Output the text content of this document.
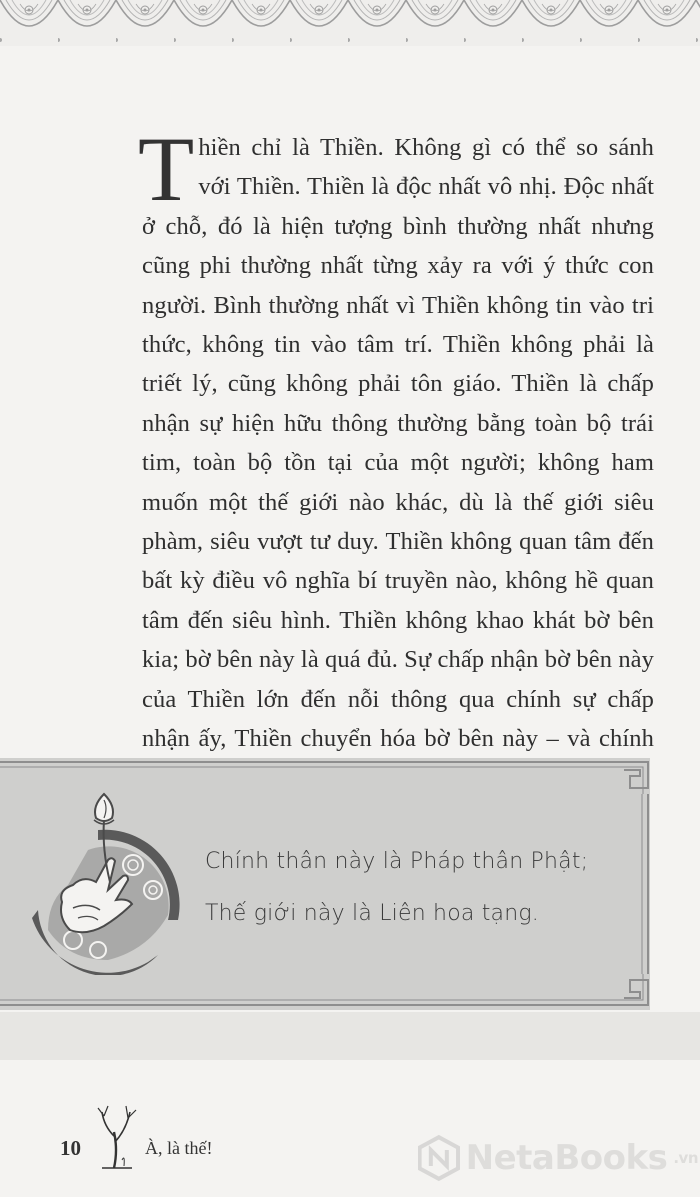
Thiền chỉ là Thiền. Không gì có thể so sánh với Thiền. Thiền là độc nhất vô nhị. Độc nhất ở chỗ, đó là hiện tượng bình thường nhất nhưng cũng phi thường nhất từng xảy ra với ý thức con người. Bình thường nhất vì Thiền không tin vào tri thức, không tin vào tâm trí. Thiền không phải là triết lý, cũng không phải tôn giáo. Thiền là chấp nhận sự hiện hữu thông thường bằng toàn bộ trái tim, toàn bộ tồn tại của một người; không ham muốn một thế giới nào khác, dù là thế giới siêu phàm, siêu vượt tư duy. Thiền không quan tâm đến bất kỳ điều vô nghĩa bí truyền nào, không hề quan tâm đến siêu hình. Thiền không khao khát bờ bên kia; bờ bên này là quá đủ. Sự chấp nhận bờ bên này của Thiền lớn đến nỗi thông qua chính sự chấp nhận ấy, Thiền chuyển hóa bờ bên này – và chính
Chính thân này là Pháp thân Phật;
Thế giới này là Liên hoa tạng.
10	À, là thế!	NetaBooks .vn
